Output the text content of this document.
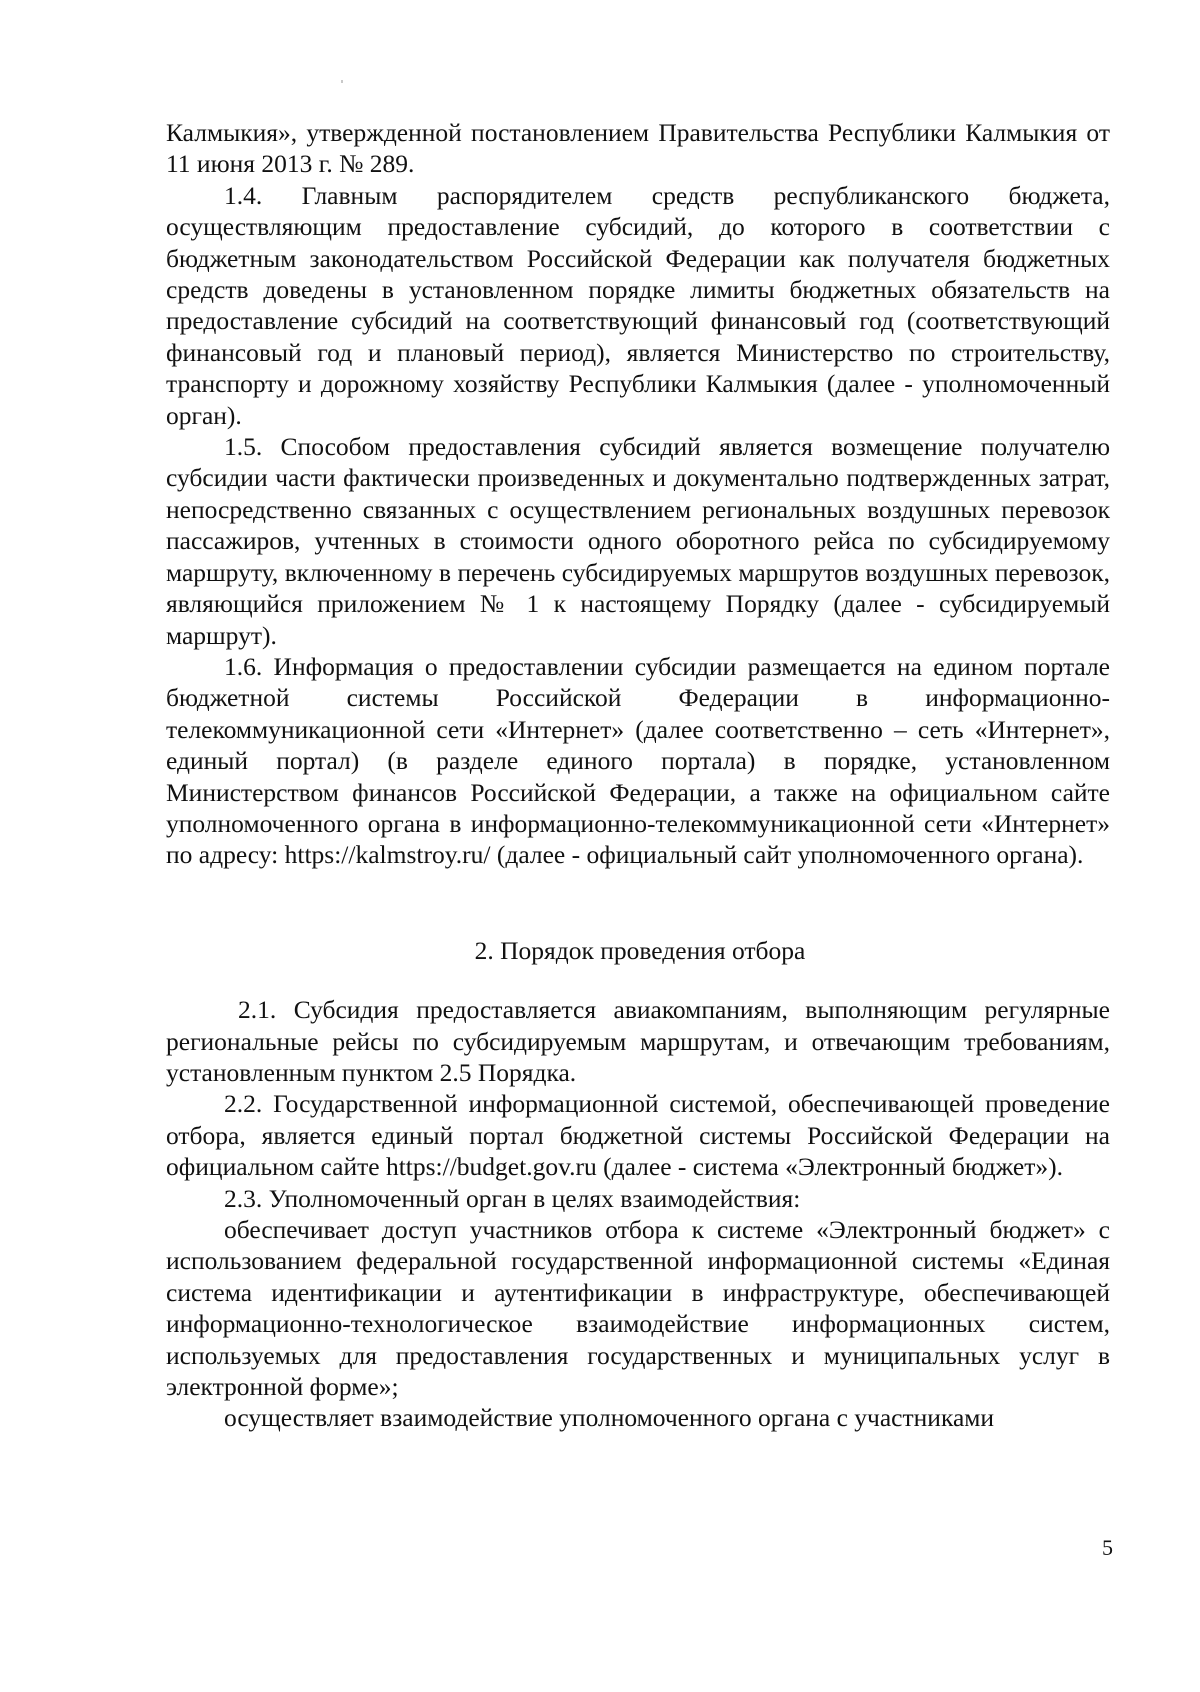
Калмыкия», утвержденной постановлением Правительства Республики Калмыкия от 11 июня 2013 г. № 289.

1.4. Главным распорядителем средств республиканского бюджета, осуществляющим предоставление субсидий, до которого в соответствии с бюджетным законодательством Российской Федерации как получателя бюджетных средств доведены в установленном порядке лимиты бюджетных обязательств на предоставление субсидий на соответствующий финансовый год (соответствующий финансовый год и плановый период), является Министерство по строительству, транспорту и дорожному хозяйству Республики Калмыкия (далее - уполномоченный орган).

1.5. Способом предоставления субсидий является возмещение получателю субсидии части фактически произведенных и документально подтвержденных затрат, непосредственно связанных с осуществлением региональных воздушных перевозок пассажиров, учтенных в стоимости одного оборотного рейса по субсидируемому маршруту, включенному в перечень субсидируемых маршрутов воздушных перевозок, являющийся приложением № 1 к настоящему Порядку (далее - субсидируемый маршрут).

1.6. Информация о предоставлении субсидии размещается на едином портале бюджетной системы Российской Федерации в информационно-телекоммуникационной сети «Интернет» (далее соответственно – сеть «Интернет», единый портал) (в разделе единого портала) в порядке, установленном Министерством финансов Российской Федерации, а также на официальном сайте уполномоченного органа в информационно-телекоммуникационной сети «Интернет» по адресу: https://kalmstroy.ru/ (далее - официальный сайт уполномоченного органа).

2. Порядок проведения отбора

2.1. Субсидия предоставляется авиакомпаниям, выполняющим регулярные региональные рейсы по субсидируемым маршрутам, и отвечающим требованиям, установленным пунктом 2.5 Порядка.

2.2. Государственной информационной системой, обеспечивающей проведение отбора, является единый портал бюджетной системы Российской Федерации на официальном сайте https://budget.gov.ru (далее - система «Электронный бюджет»).

2.3. Уполномоченный орган в целях взаимодействия:

обеспечивает доступ участников отбора к системе «Электронный бюджет» с использованием федеральной государственной информационной системы «Единая система идентификации и аутентификации в инфраструктуре, обеспечивающей информационно-технологическое взаимодействие информационных систем, используемых для предоставления государственных и муниципальных услуг в электронной форме»;

осуществляет взаимодействие уполномоченного органа с участниками

5
